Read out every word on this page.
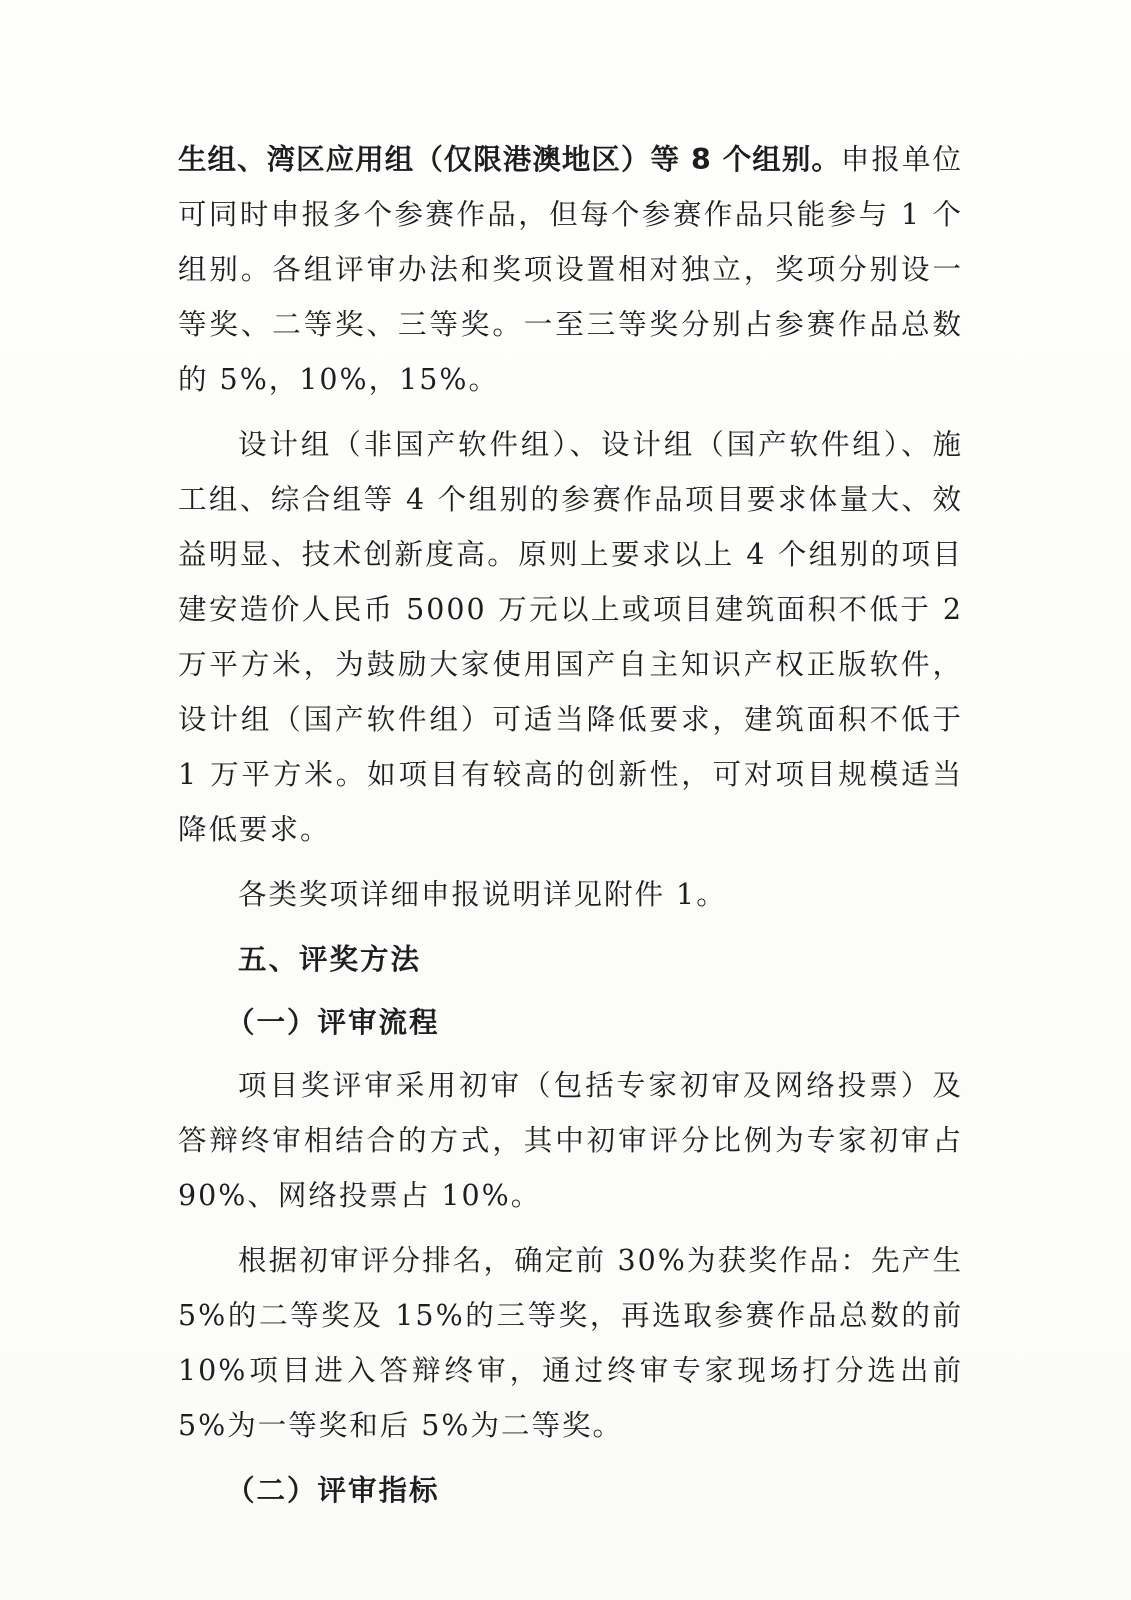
生组、湾区应用组（仅限港澳地区）等 8 个组别。申报单位可同时申报多个参赛作品，但每个参赛作品只能参与 1 个组别。各组评审办法和奖项设置相对独立，奖项分别设一等奖、二等奖、三等奖。一至三等奖分别占参赛作品总数的 5%，10%，15%。

设计组（非国产软件组）、设计组（国产软件组）、施工组、综合组等 4 个组别的参赛作品项目要求体量大、效益明显、技术创新度高。原则上要求以上 4 个组别的项目建安造价人民币 5000 万元以上或项目建筑面积不低于 2 万平方米，为鼓励大家使用国产自主知识产权正版软件，设计组（国产软件组）可适当降低要求，建筑面积不低于 1 万平方米。如项目有较高的创新性，可对项目规模适当降低要求。

各类奖项详细申报说明详见附件 1。

五、评奖方法
（一）评审流程

项目奖评审采用初审（包括专家初审及网络投票）及答辩终审相结合的方式，其中初审评分比例为专家初审占 90%、网络投票占 10%。

根据初审评分排名，确定前 30%为获奖作品：先产生 5%的二等奖及 15%的三等奖，再选取参赛作品总数的前 10%项目进入答辩终审，通过终审专家现场打分选出前 5%为一等奖和后 5%为二等奖。

（二）评审指标
